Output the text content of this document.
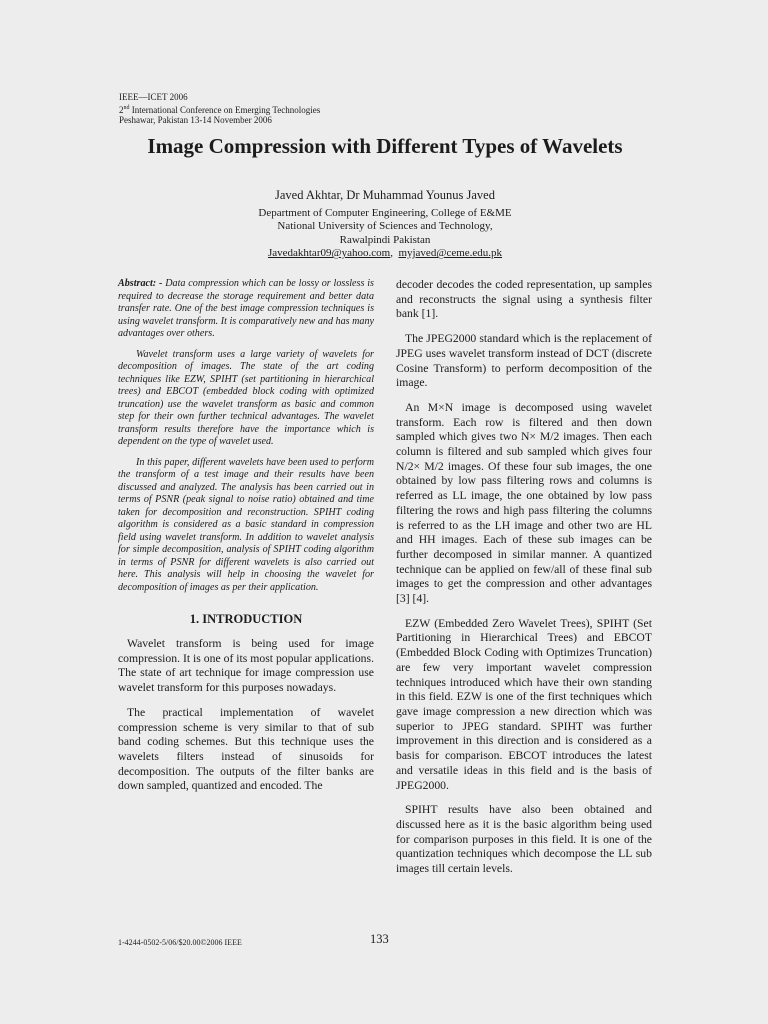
IEEE—ICET 2006
2nd International Conference on Emerging Technologies
Peshawar, Pakistan 13-14 November 2006
Image Compression with Different Types of Wavelets
Javed Akhtar, Dr Muhammad Younus Javed
Department of Computer Engineering, College of E&ME
National University of Sciences and Technology,
Rawalpindi Pakistan
Javedakhtar09@yahoo.com, myjaved@ceme.edu.pk

Abstract: - Data compression which can be lossy or lossless is required to decrease the storage requirement and better data transfer rate. One of the best image compression techniques is using wavelet transform. It is comparatively new and has many advantages over others.

Wavelet transform uses a large variety of wavelets for decomposition of images. The state of the art coding techniques like EZW, SPIHT (set partitioning in hierarchical trees) and EBCOT (embedded block coding with optimized truncation) use the wavelet transform as basic and common step for their own further technical advantages. The wavelet transform results therefore have the importance which is dependent on the type of wavelet used.

In this paper, different wavelets have been used to perform the transform of a test image and their results have been discussed and analyzed. The analysis has been carried out in terms of PSNR (peak signal to noise ratio) obtained and time taken for decomposition and reconstruction. SPIHT coding algorithm is considered as a basic standard in compression field using wavelet transform. In addition to wavelet analysis for simple decomposition, analysis of SPIHT coding algorithm in terms of PSNR for different wavelets is also carried out here. This analysis will help in choosing the wavelet for decomposition of images as per their application.

1. INTRODUCTION

Wavelet transform is being used for image compression. It is one of its most popular applications. The state of art technique for image compression use wavelet transform for this purposes nowadays.

The practical implementation of wavelet compression scheme is very similar to that of sub band coding schemes. But this technique uses the wavelets filters instead of sinusoids for decomposition. The outputs of the filter banks are down sampled, quantized and encoded. The

decoder decodes the coded representation, up samples and reconstructs the signal using a synthesis filter bank [1].

The JPEG2000 standard which is the replacement of JPEG uses wavelet transform instead of DCT (discrete Cosine Transform) to perform decomposition of the image.

An M×N image is decomposed using wavelet transform. Each row is filtered and then down sampled which gives two N× M/2 images. Then each column is filtered and sub sampled which gives four N/2× M/2 images. Of these four sub images, the one obtained by low pass filtering rows and columns is referred as LL image, the one obtained by low pass filtering the rows and high pass filtering the columns is referred to as the LH image and other two are HL and HH images. Each of these sub images can be further decomposed in similar manner. A quantized technique can be applied on few/all of these final sub images to get the compression and other advantages [3] [4].

EZW (Embedded Zero Wavelet Trees), SPIHT (Set Partitioning in Hierarchical Trees) and EBCOT (Embedded Block Coding with Optimizes Truncation) are few very important wavelet compression techniques introduced which have their own standing in this field. EZW is one of the first techniques which gave image compression a new direction which was superior to JPEG standard. SPIHT was further improvement in this direction and is considered as a basis for comparison. EBCOT introduces the latest and versatile ideas in this field and is the basis of JPEG2000.

SPIHT results have also been obtained and discussed here as it is the basic algorithm being used for comparison purposes in this field. It is one of the quantization techniques which decompose the LL sub images till certain levels.

1-4244-0502-5/06/$20.00©2006 IEEE	133
